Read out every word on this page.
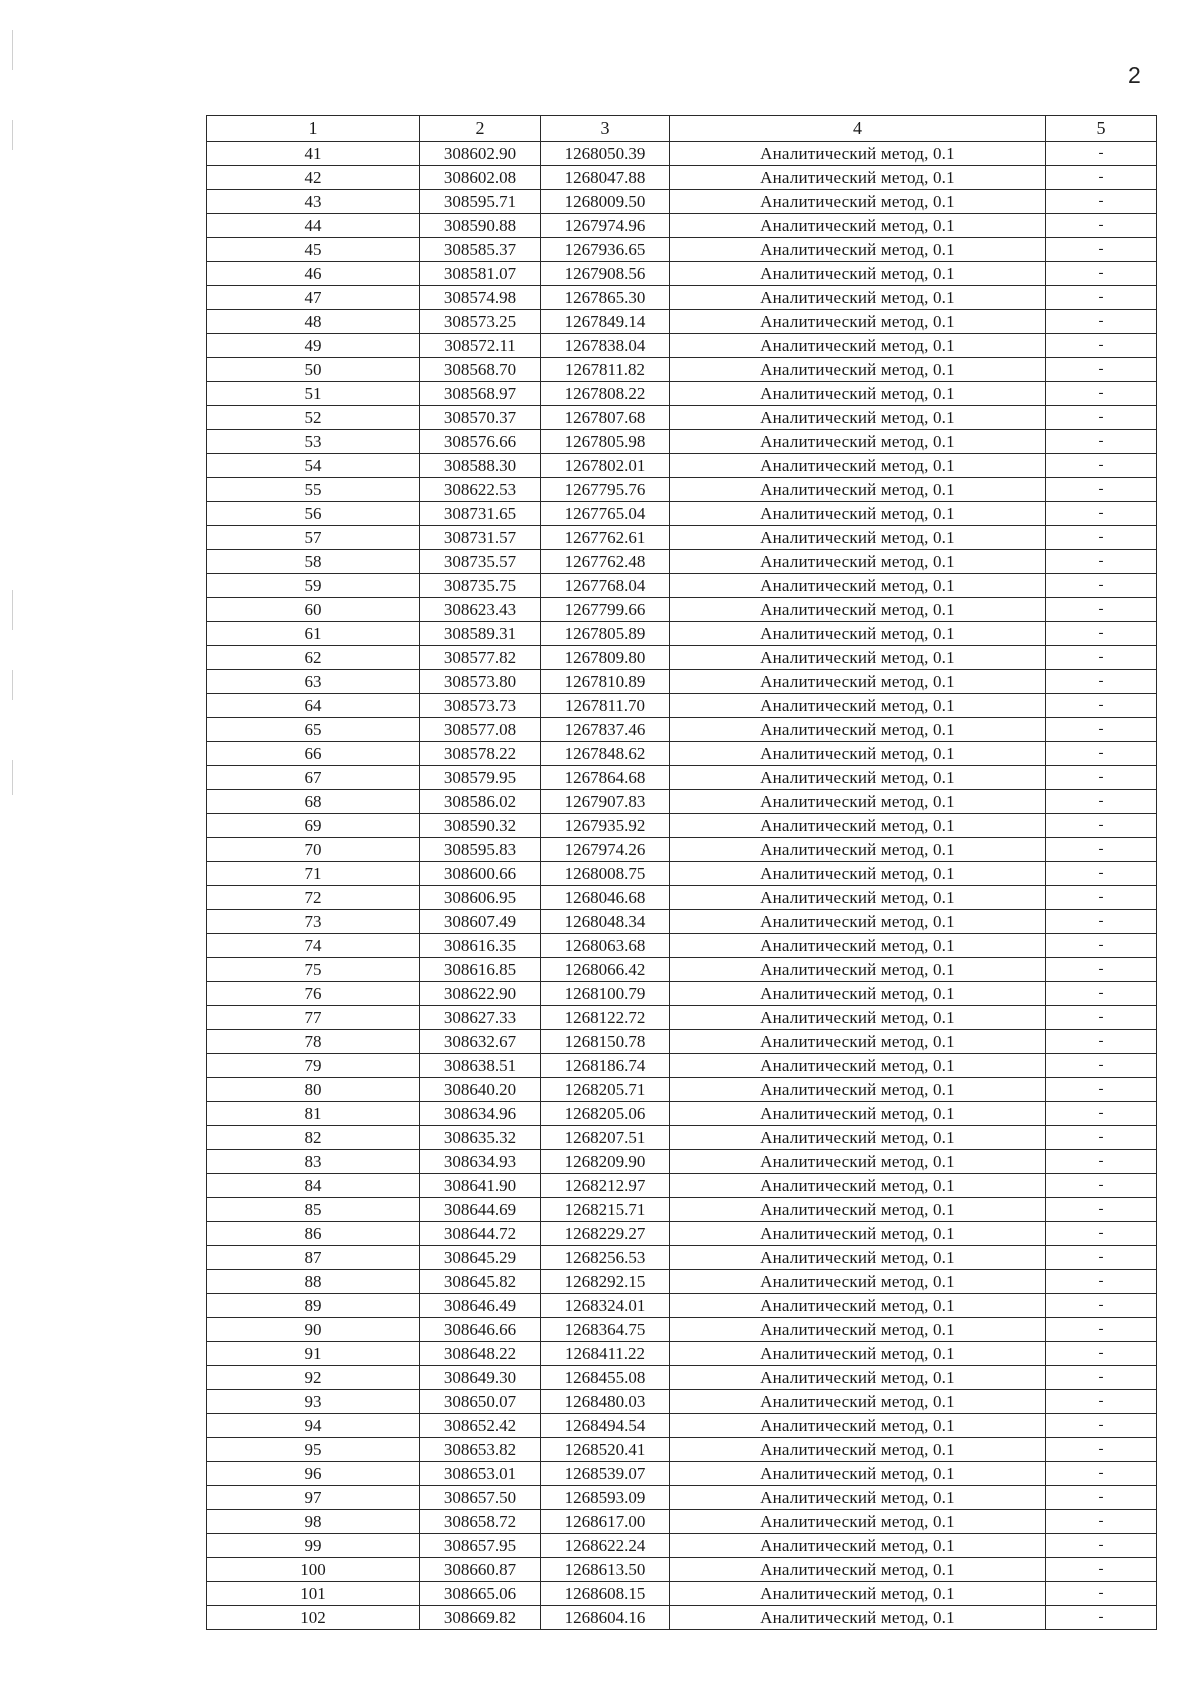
2
1	2	3	4	5
41	308602.90	1268050.39	Аналитический метод, 0.1	-
42	308602.08	1268047.88	Аналитический метод, 0.1	-
43	308595.71	1268009.50	Аналитический метод, 0.1	-
44	308590.88	1267974.96	Аналитический метод, 0.1	-
45	308585.37	1267936.65	Аналитический метод, 0.1	-
46	308581.07	1267908.56	Аналитический метод, 0.1	-
47	308574.98	1267865.30	Аналитический метод, 0.1	-
48	308573.25	1267849.14	Аналитический метод, 0.1	-
49	308572.11	1267838.04	Аналитический метод, 0.1	-
50	308568.70	1267811.82	Аналитический метод, 0.1	-
51	308568.97	1267808.22	Аналитический метод, 0.1	-
52	308570.37	1267807.68	Аналитический метод, 0.1	-
53	308576.66	1267805.98	Аналитический метод, 0.1	-
54	308588.30	1267802.01	Аналитический метод, 0.1	-
55	308622.53	1267795.76	Аналитический метод, 0.1	-
56	308731.65	1267765.04	Аналитический метод, 0.1	-
57	308731.57	1267762.61	Аналитический метод, 0.1	-
58	308735.57	1267762.48	Аналитический метод, 0.1	-
59	308735.75	1267768.04	Аналитический метод, 0.1	-
60	308623.43	1267799.66	Аналитический метод, 0.1	-
61	308589.31	1267805.89	Аналитический метод, 0.1	-
62	308577.82	1267809.80	Аналитический метод, 0.1	-
63	308573.80	1267810.89	Аналитический метод, 0.1	-
64	308573.73	1267811.70	Аналитический метод, 0.1	-
65	308577.08	1267837.46	Аналитический метод, 0.1	-
66	308578.22	1267848.62	Аналитический метод, 0.1	-
67	308579.95	1267864.68	Аналитический метод, 0.1	-
68	308586.02	1267907.83	Аналитический метод, 0.1	-
69	308590.32	1267935.92	Аналитический метод, 0.1	-
70	308595.83	1267974.26	Аналитический метод, 0.1	-
71	308600.66	1268008.75	Аналитический метод, 0.1	-
72	308606.95	1268046.68	Аналитический метод, 0.1	-
73	308607.49	1268048.34	Аналитический метод, 0.1	-
74	308616.35	1268063.68	Аналитический метод, 0.1	-
75	308616.85	1268066.42	Аналитический метод, 0.1	-
76	308622.90	1268100.79	Аналитический метод, 0.1	-
77	308627.33	1268122.72	Аналитический метод, 0.1	-
78	308632.67	1268150.78	Аналитический метод, 0.1	-
79	308638.51	1268186.74	Аналитический метод, 0.1	-
80	308640.20	1268205.71	Аналитический метод, 0.1	-
81	308634.96	1268205.06	Аналитический метод, 0.1	-
82	308635.32	1268207.51	Аналитический метод, 0.1	-
83	308634.93	1268209.90	Аналитический метод, 0.1	-
84	308641.90	1268212.97	Аналитический метод, 0.1	-
85	308644.69	1268215.71	Аналитический метод, 0.1	-
86	308644.72	1268229.27	Аналитический метод, 0.1	-
87	308645.29	1268256.53	Аналитический метод, 0.1	-
88	308645.82	1268292.15	Аналитический метод, 0.1	-
89	308646.49	1268324.01	Аналитический метод, 0.1	-
90	308646.66	1268364.75	Аналитический метод, 0.1	-
91	308648.22	1268411.22	Аналитический метод, 0.1	-
92	308649.30	1268455.08	Аналитический метод, 0.1	-
93	308650.07	1268480.03	Аналитический метод, 0.1	-
94	308652.42	1268494.54	Аналитический метод, 0.1	-
95	308653.82	1268520.41	Аналитический метод, 0.1	-
96	308653.01	1268539.07	Аналитический метод, 0.1	-
97	308657.50	1268593.09	Аналитический метод, 0.1	-
98	308658.72	1268617.00	Аналитический метод, 0.1	-
99	308657.95	1268622.24	Аналитический метод, 0.1	-
100	308660.87	1268613.50	Аналитический метод, 0.1	-
101	308665.06	1268608.15	Аналитический метод, 0.1	-
102	308669.82	1268604.16	Аналитический метод, 0.1	-
